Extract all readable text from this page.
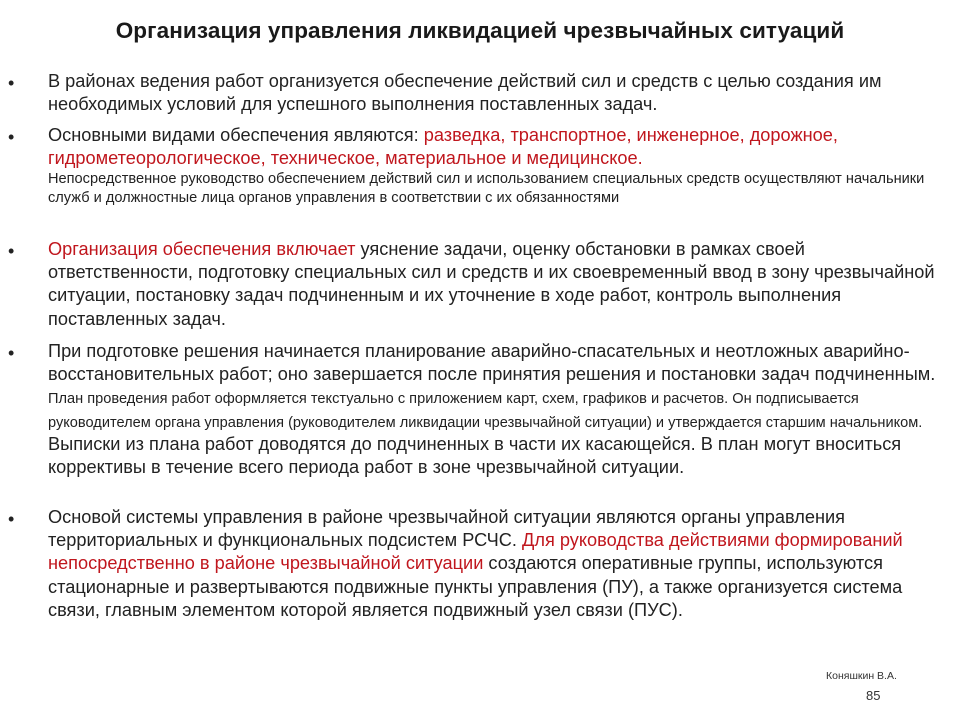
Организация управления ликвидацией чрезвычайных ситуаций
• В районах ведения работ организуется обеспечение действий сил и средств с целью создания им необходимых условий для успешного выполнения поставленных задач.
• Основными видами обеспечения являются: разведка, транспортное, инженерное, дорожное, гидрометеорологическое, техническое, материальное и медицинское.
Непосредственное руководство обеспечением действий сил и использованием специальных средств осуществляют начальники служб и должностные лица органов управления в соответствии с их обязанностями
• Организация обеспечения включает уяснение задачи, оценку обстановки в рамках своей ответственности, подготовку специальных сил и средств и их своевременный ввод в зону чрезвычайной ситуации, постановку задач подчиненным и их уточнение в ходе работ, контроль выполнения поставленных задач.
• При подготовке решения начинается планирование аварийно-спасательных и неотложных аварийно-восстановительных работ; оно завершается после принятия решения и постановки задач подчиненным. План проведения работ оформляется текстуально с приложением карт, схем, графиков и расчетов. Он подписывается руководителем органа управления (руководителем ликвидации чрезвычайной ситуации) и утверждается старшим начальником. Выписки из плана работ доводятся до подчиненных в части их касающейся. В план могут вноситься коррективы в течение всего периода работ в зоне чрезвычайной ситуации.
• Основой системы управления в районе чрезвычайной ситуации являются органы управления территориальных и функциональных подсистем РСЧС. Для руководства действиями формирований непосредственно в районе чрезвычайной ситуации создаются оперативные группы, используются стационарные и развертываются подвижные пункты управления (ПУ), а также организуется система связи, главным элементом которой является подвижный узел связи (ПУС).
Коняшкин В.А.
85
